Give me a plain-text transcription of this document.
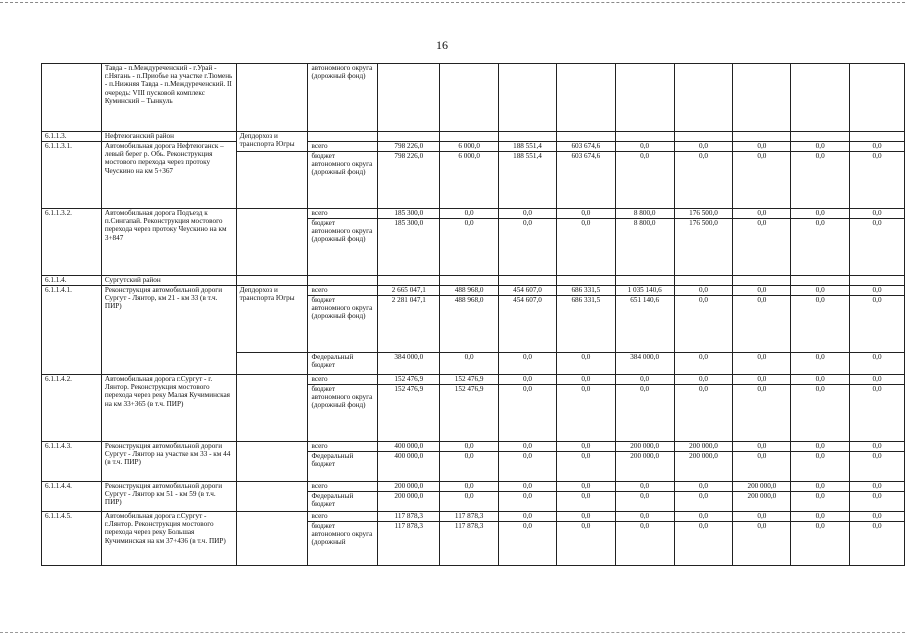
16
	Тавда - п.Междуреченский - г.Урай - г.Нягань - п.Приобье на участке г.Тюмень - п.Нижняя Тавда - п.Междуреченский. II очередь: VIII пусковой комплекс Куминский – Тынкуль		автономного округа (дорожный фонд)									
6.1.1.3.	Нефтеюганский район	Депдорхоз и транспорта Югры										
6.1.1.3.1.	Автомобильная дорога Нефтеюганск – левый берег р. Обь. Реконструкция мостового перехода через протоку Чеускино на км 5+367		всего	798 226,0	6 000,0	188 551,4	603 674,6	0,0	0,0	0,0	0,0	0,0
			бюджет автономного округа (дорожный фонд)	798 226,0	6 000,0	188 551,4	603 674,6	0,0	0,0	0,0	0,0	0,0
6.1.1.3.2.	Автомобильная дорога Подъезд к п.Сингапай. Реконструкция мостового перехода через протоку Чеускино на км 3+847		всего	185 300,0	0,0	0,0	0,0	8 800,0	176 500,0	0,0	0,0	0,0
			бюджет автономного округа (дорожный фонд)	185 300,0	0,0	0,0	0,0	8 800,0	176 500,0	0,0	0,0	0,0
6.1.1.4.	Сургутский район											
6.1.1.4.1.	Реконструкция автомобильной дороги Сургут - Лянтор, км 21 - км 33 (в т.ч. ПИР)	Депдорхоз и транспорта Югры	всего	2 665 047,1	488 968,0	454 607,0	686 331,5	1 035 140,6	0,0	0,0	0,0	0,0
			бюджет автономного округа (дорожный фонд)	2 281 047,1	488 968,0	454 607,0	686 331,5	651 140,6	0,0	0,0	0,0	0,0
			Федеральный бюджет	384 000,0	0,0	0,0	0,0	384 000,0	0,0	0,0	0,0	0,0
6.1.1.4.2.	Автомобильная дорога г.Сургут - г. Лянтор. Реконструкция мостового перехода через реку Малая Кучиминская на км 33+365 (в т.ч. ПИР)		всего	152 476,9	152 476,9	0,0	0,0	0,0	0,0	0,0	0,0	0,0
			бюджет автономного округа (дорожный фонд)	152 476,9	152 476,9	0,0	0,0	0,0	0,0	0,0	0,0	0,0
6.1.1.4.3.	Реконструкция автомобильной дороги Сургут - Лянтор на участке км 33 - км 44 (в т.ч. ПИР)		всего	400 000,0	0,0	0,0	0,0	200 000,0	200 000,0	0,0	0,0	0,0
			Федеральный бюджет	400 000,0	0,0	0,0	0,0	200 000,0	200 000,0	0,0	0,0	0,0
6.1.1.4.4.	Реконструкция автомобильной дороги Сургут - Лянтор км 51 - км 59 (в т.ч. ПИР)		всего	200 000,0	0,0	0,0	0,0	0,0	0,0	200 000,0	0,0	0,0
			Федеральный бюджет	200 000,0	0,0	0,0	0,0	0,0	0,0	200 000,0	0,0	0,0
6.1.1.4.5.	Автомобильная дорога г.Сургут - г.Лянтор. Реконструкция мостового перехода через реку Большая Кучиминская на км 37+436 (в т.ч. ПИР)		всего	117 878,3	117 878,3	0,0	0,0	0,0	0,0	0,0	0,0	0,0
			бюджет автономного округа (дорожный	117 878,3	117 878,3	0,0	0,0	0,0	0,0	0,0	0,0	0,0
